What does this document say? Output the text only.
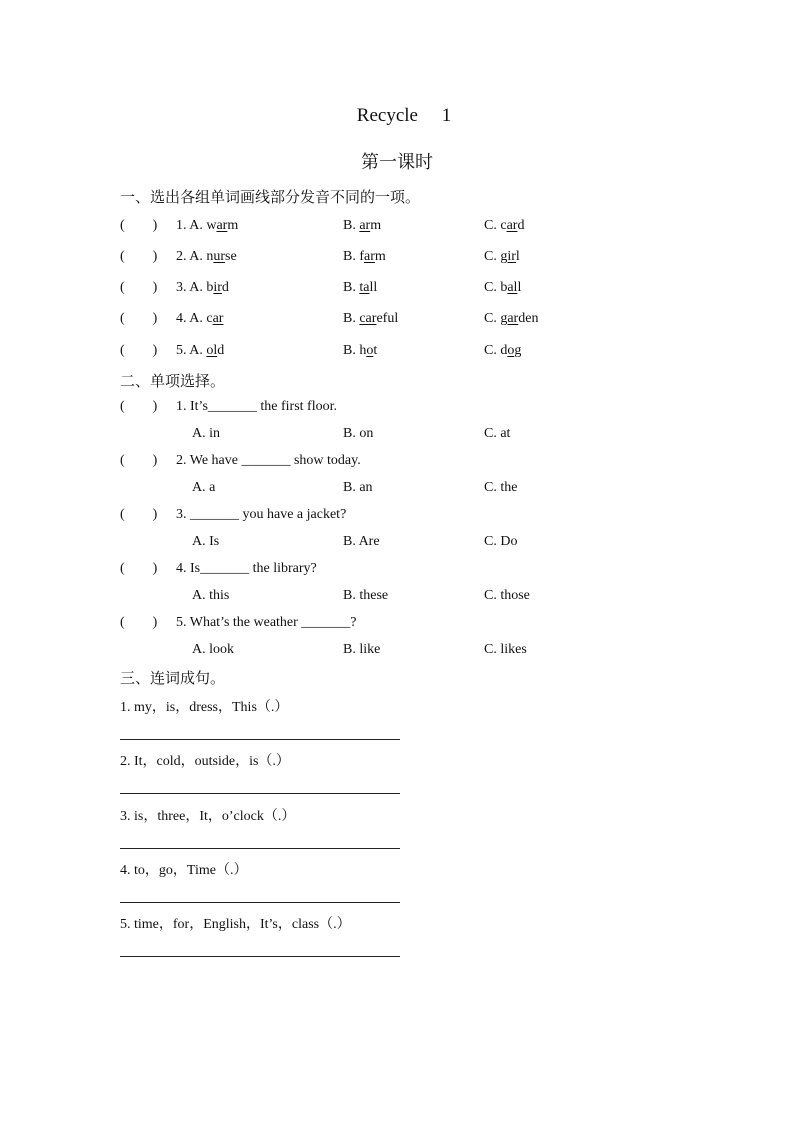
Recycle  1
第一课时
一、选出各组单词画线部分发音不同的一项。
(  ) 1. A. warm	B. arm	C. card
(  ) 2. A. nurse	B. farm	C. girl
(  ) 3. A. bird	B. tall	C. ball
(  ) 4. A. car	B. careful	C. garden
(  ) 5. A. old	B. hot	C. dog
二、单项选择。
(  ) 1. It’s_______ the first floor.
A. in	B. on	C. at
(  ) 2. We have _______ show today.
A. a	B. an	C. the
(  ) 3. _______ you have a jacket?
A. Is	B. Are	C. Do
(  ) 4. Is_______ the library?
A. this	B. these	C. those
(  ) 5. What’s the weather _______?
A. look	B. like	C. likes
三、连词成句。
1. my，is，dress，This（.）
2. It，cold，outside，is（.）
3. is，three，It，o’clock（.）
4. to，go，Time（.）
5. time，for，English，It’s，class（.）
